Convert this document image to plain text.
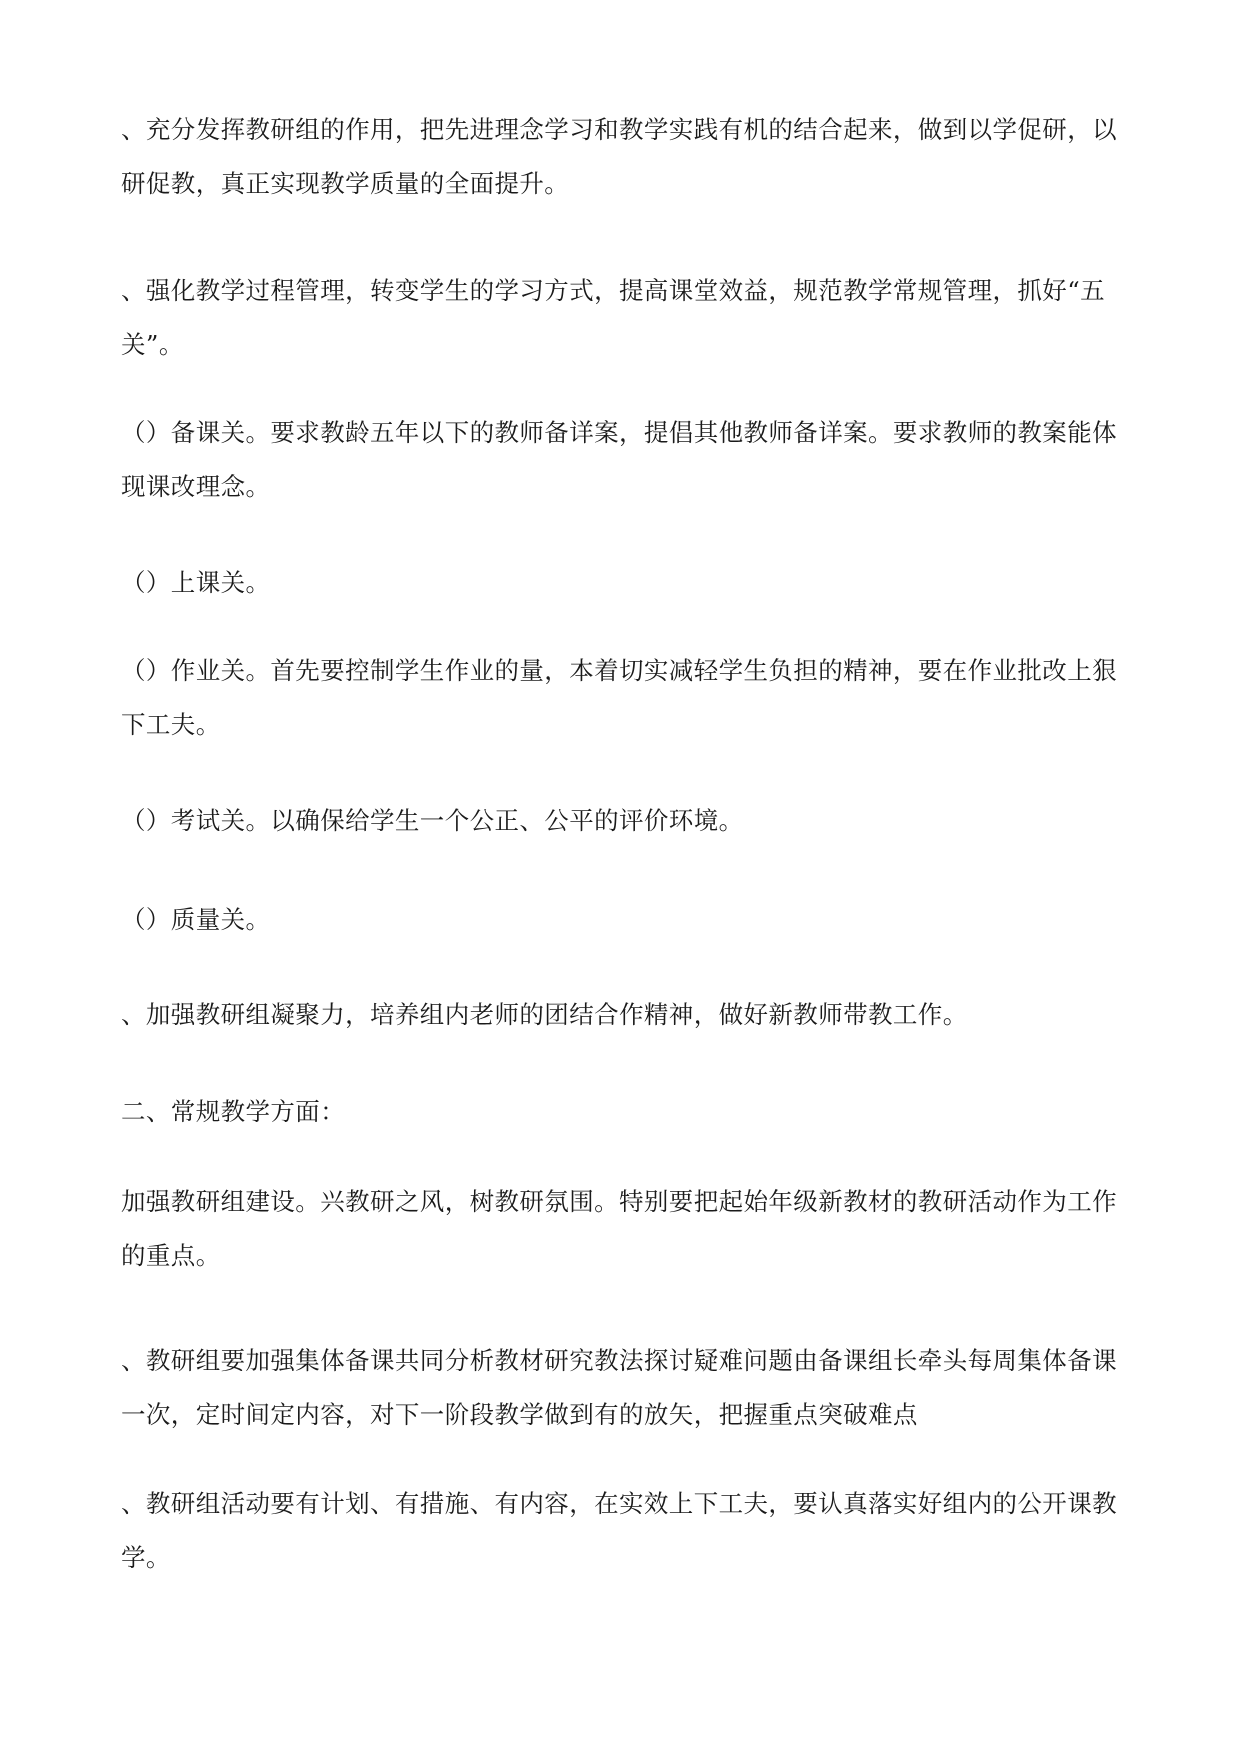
、充分发挥教研组的作用，把先进理念学习和教学实践有机的结合起来，做到以学促研，以
研促教，真正实现教学质量的全面提升。

、强化教学过程管理，转变学生的学习方式，提高课堂效益，规范教学常规管理，抓好“五
关”。

（）备课关。要求教龄五年以下的教师备详案，提倡其他教师备详案。要求教师的教案能体
现课改理念。

（）上课关。

（）作业关。首先要控制学生作业的量，本着切实减轻学生负担的精神，要在作业批改上狠
下工夫。

（）考试关。以确保给学生一个公正、公平的评价环境。

（）质量关。

、加强教研组凝聚力，培养组内老师的团结合作精神，做好新教师带教工作。

二、常规教学方面：

加强教研组建设。兴教研之风，树教研氛围。特别要把起始年级新教材的教研活动作为工作
的重点。

、教研组要加强集体备课共同分析教材研究教法探讨疑难问题由备课组长牵头每周集体备课
一次，定时间定内容，对下一阶段教学做到有的放矢，把握重点突破难点

、教研组活动要有计划、有措施、有内容，在实效上下工夫，要认真落实好组内的公开课教
学。
